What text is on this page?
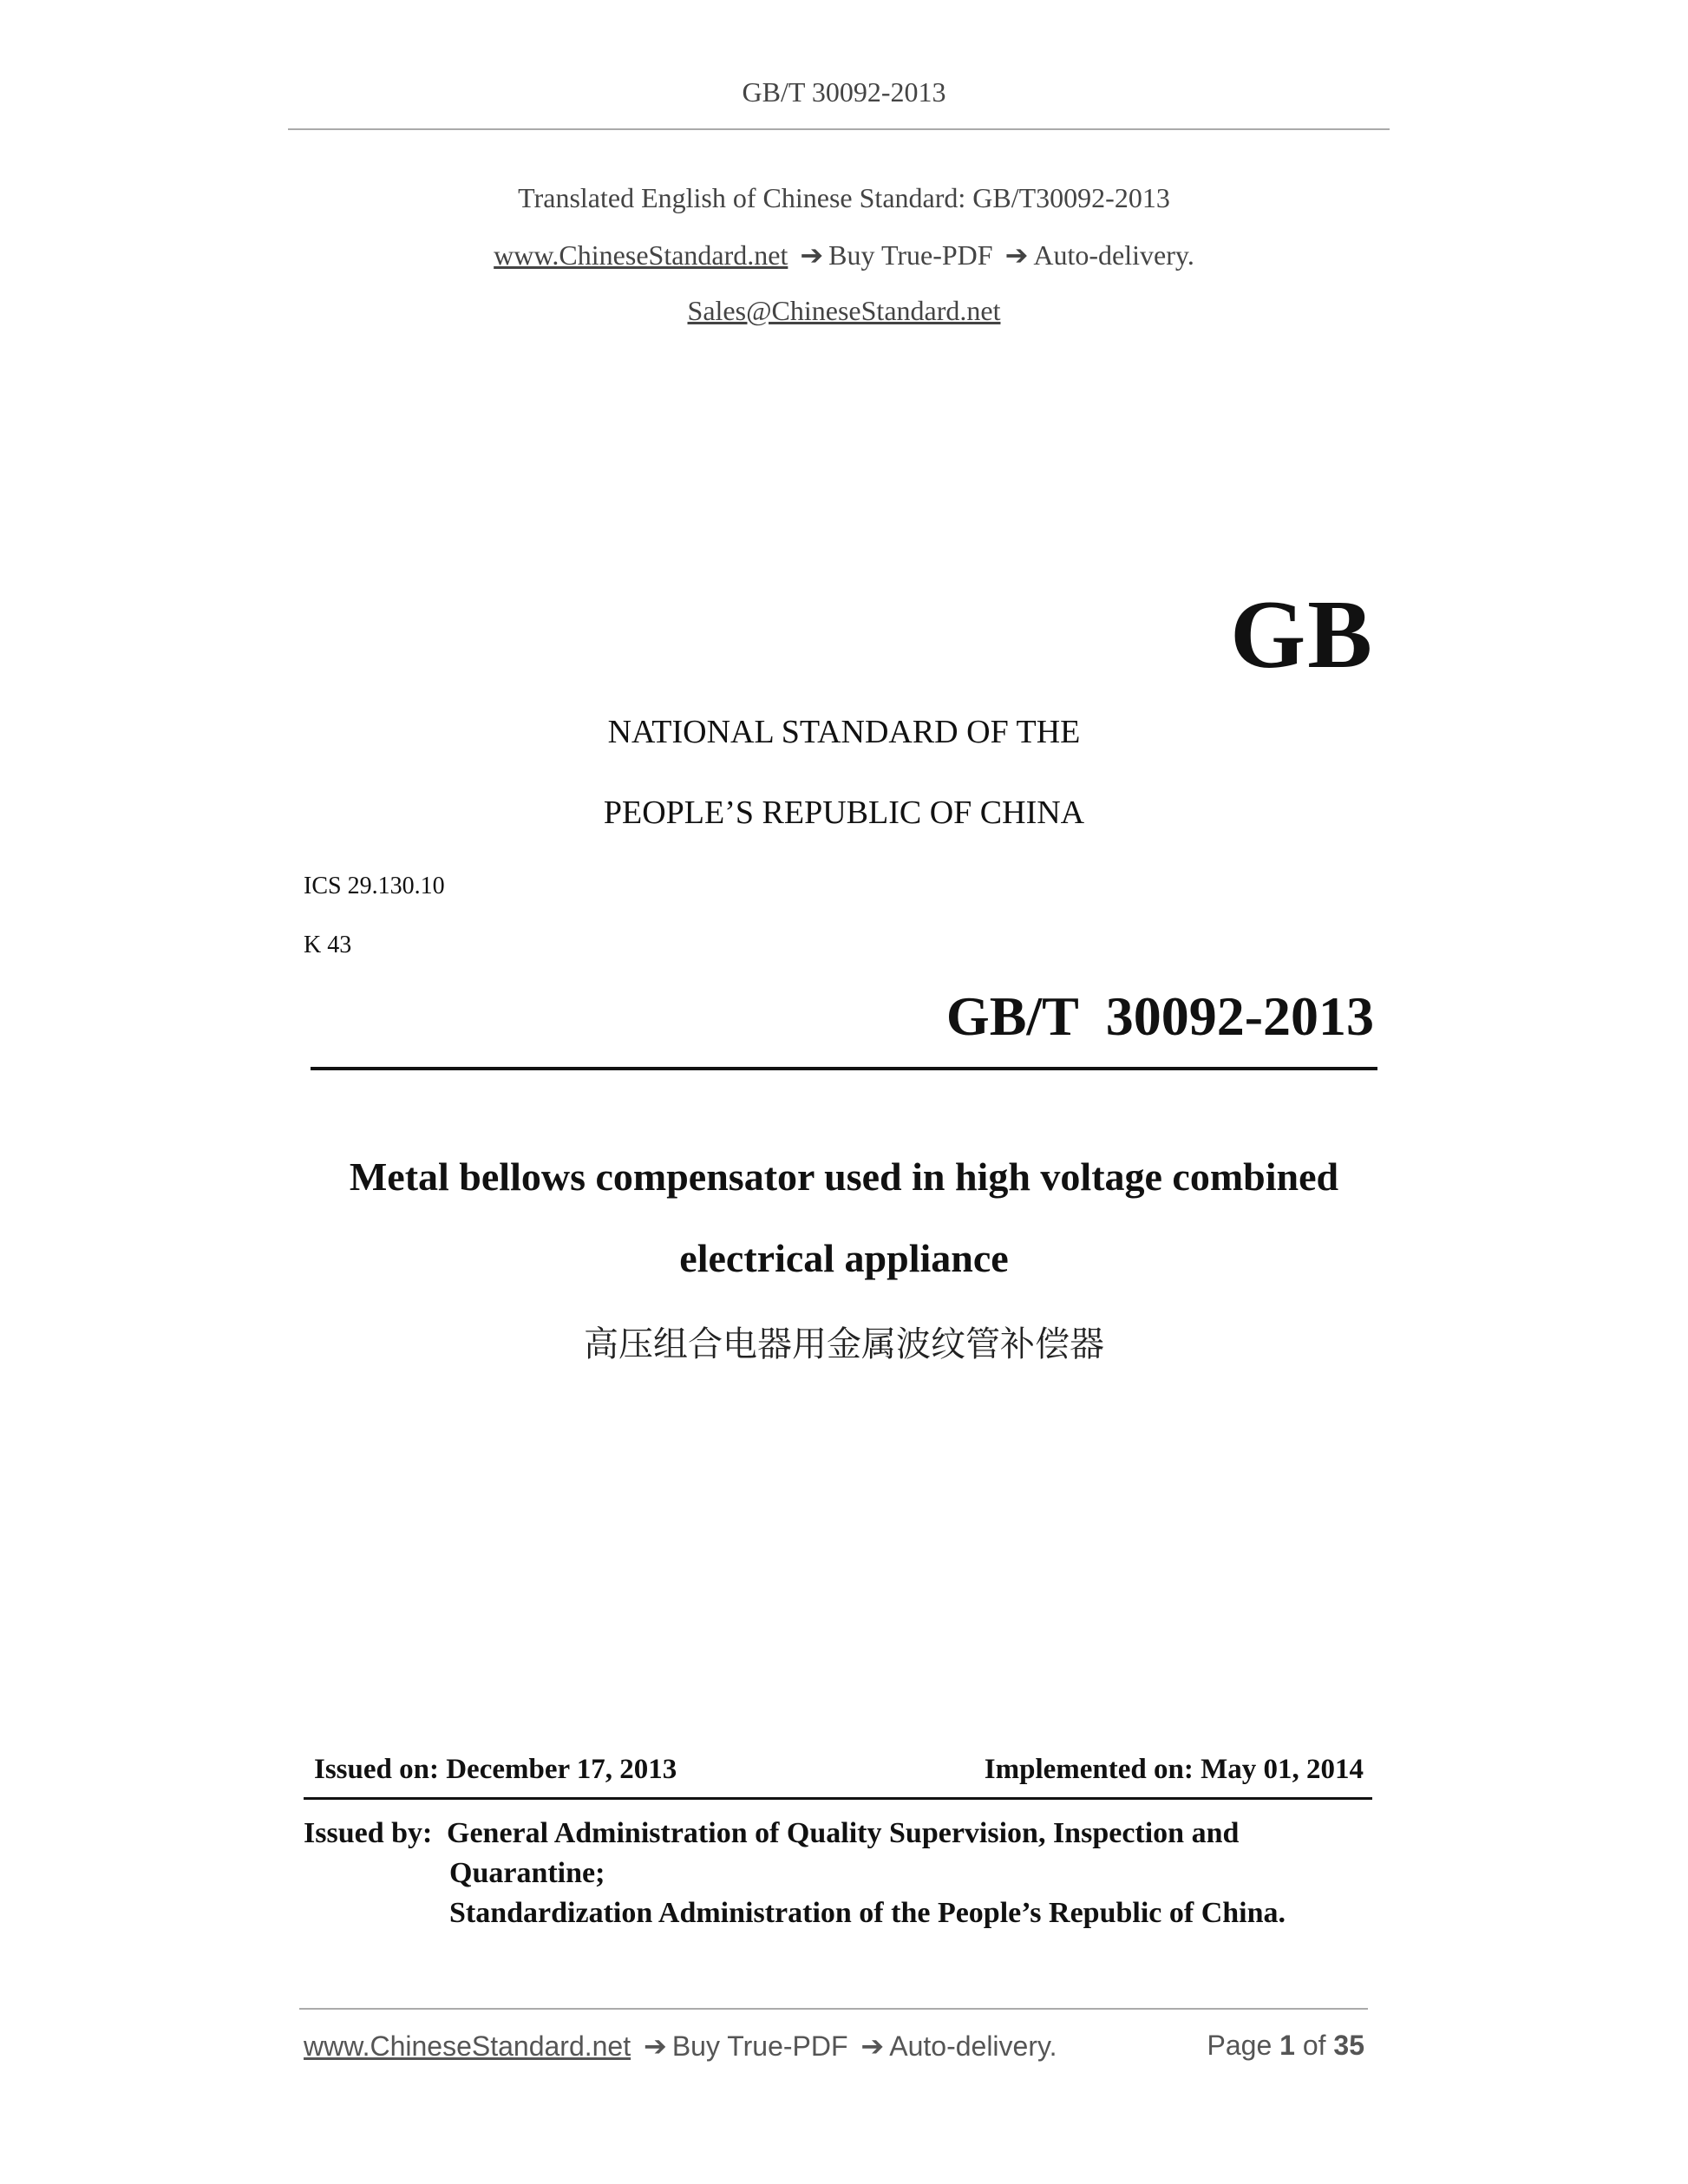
GB/T 30092-2013
Translated English of Chinese Standard: GB/T30092-2013
www.ChineseStandard.net ➔ Buy True-PDF ➔ Auto-delivery.
Sales@ChineseStandard.net
GB
NATIONAL STANDARD OF THE
PEOPLE’S REPUBLIC OF CHINA
ICS 29.130.10
K 43
GB/T  30092-2013
Metal bellows compensator used in high voltage combined
electrical appliance
高压组合电器用金属波纹管补偿器
Issued on: December 17, 2013	Implemented on: May 01, 2014
Issued by: General Administration of Quality Supervision, Inspection and
Quarantine;
Standardization Administration of the People’s Republic of China.
www.ChineseStandard.net ➔ Buy True-PDF ➔ Auto-delivery.	Page 1 of 35
